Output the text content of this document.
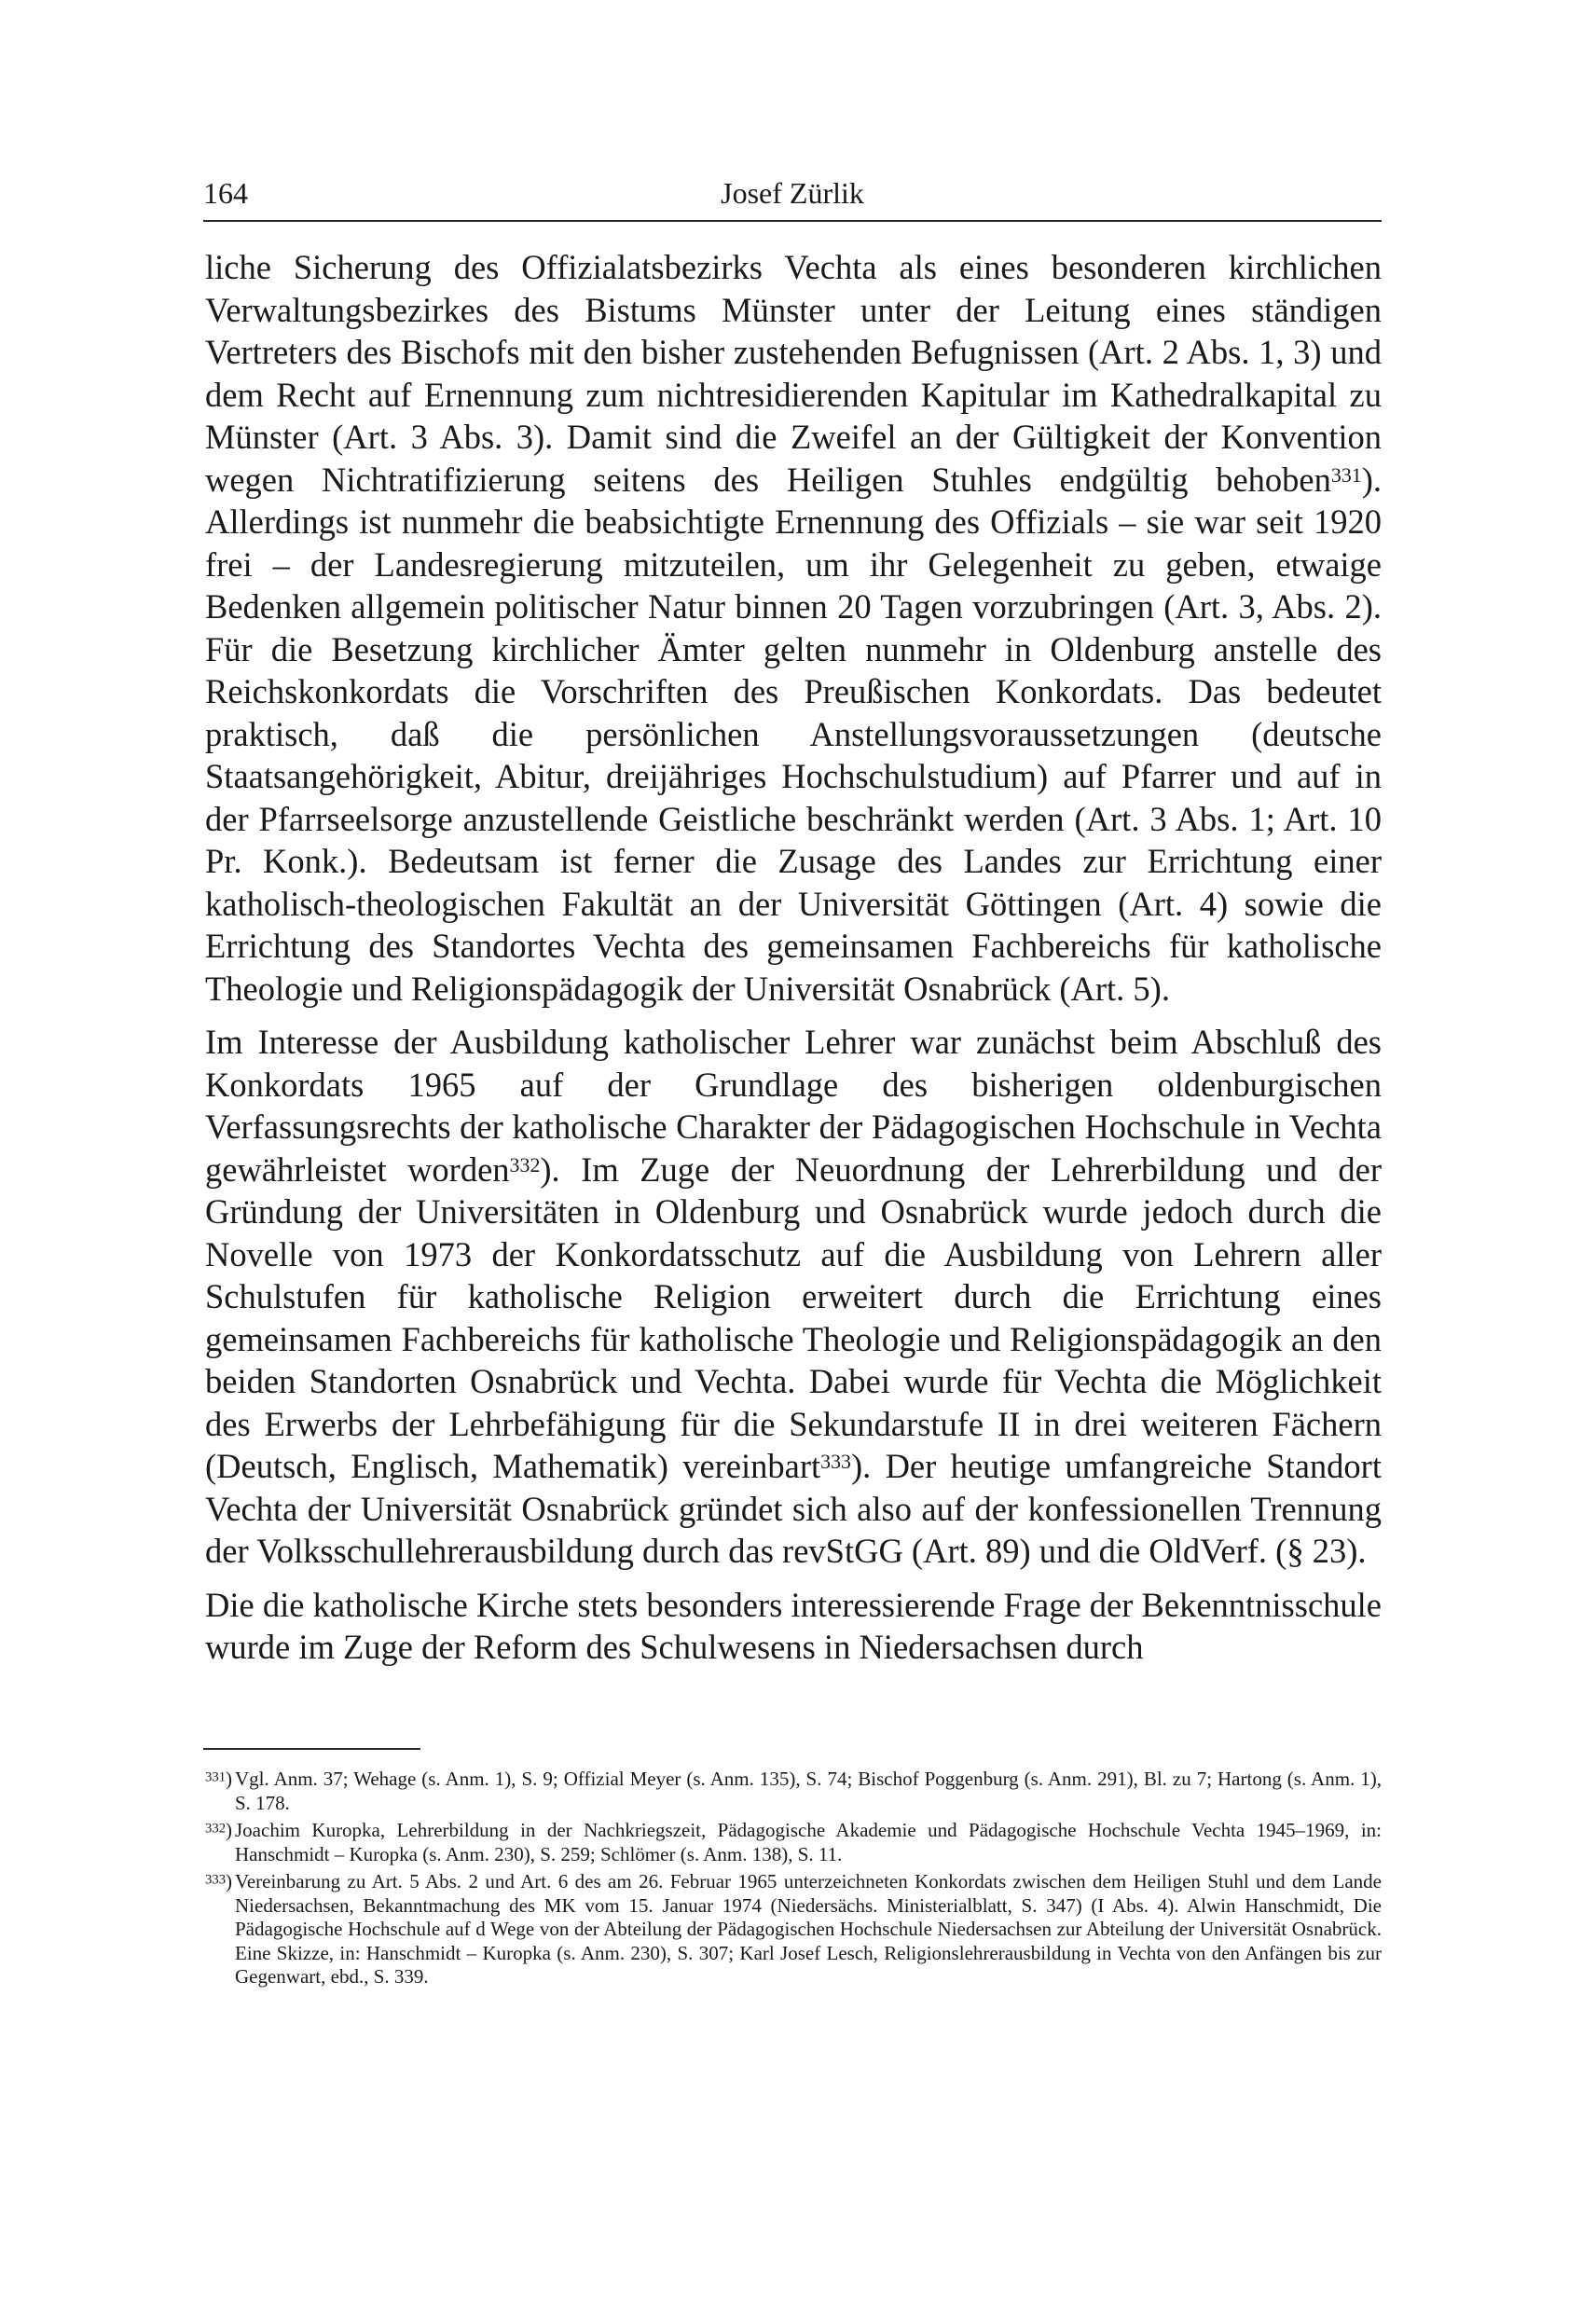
164	Josef Zürlik

liche Sicherung des Offizialatsbezirks Vechta als eines besonderen kirchlichen Verwaltungsbezirkes des Bistums Münster unter der Leitung eines ständigen Vertreters des Bischofs mit den bisher zustehenden Befugnissen (Art. 2 Abs. 1, 3) und dem Recht auf Ernennung zum nichtresidierenden Kapitular im Kathedralkapital zu Münster (Art. 3 Abs. 3). Damit sind die Zweifel an der Gültigkeit der Konvention wegen Nichtratifizierung seitens des Heiligen Stuhles endgültig behoben$^{331}$). Allerdings ist nunmehr die beabsichtigte Ernennung des Offizials – sie war seit 1920 frei – der Landesregierung mitzuteilen, um ihr Gelegenheit zu geben, etwaige Bedenken allgemein politischer Natur binnen 20 Tagen vorzubringen (Art. 3, Abs. 2). Für die Besetzung kirchlicher Ämter gelten nunmehr in Oldenburg anstelle des Reichskonkordats die Vorschriften des Preußischen Konkordats. Das bedeutet praktisch, daß die persönlichen Anstellungsvoraussetzungen (deutsche Staatsangehörigkeit, Abitur, dreijähriges Hochschulstudium) auf Pfarrer und auf in der Pfarrseelsorge anzustellende Geistliche beschränkt werden (Art. 3 Abs. 1; Art. 10 Pr. Konk.). Bedeutsam ist ferner die Zusage des Landes zur Errichtung einer katholisch-theologischen Fakultät an der Universität Göttingen (Art. 4) sowie die Errichtung des Standortes Vechta des gemeinsamen Fachbereichs für katholische Theologie und Religionspädagogik der Universität Osnabrück (Art. 5).

Im Interesse der Ausbildung katholischer Lehrer war zunächst beim Abschluß des Konkordats 1965 auf der Grundlage des bisherigen oldenburgischen Verfassungsrechts der katholische Charakter der Pädagogischen Hochschule in Vechta gewährleistet worden$^{332}$). Im Zuge der Neuordnung der Lehrerbildung und der Gründung der Universitäten in Oldenburg und Osnabrück wurde jedoch durch die Novelle von 1973 der Konkordatsschutz auf die Ausbildung von Lehrern aller Schulstufen für katholische Religion erweitert durch die Errichtung eines gemeinsamen Fachbereichs für katholische Theologie und Religionspädagogik an den beiden Standorten Osnabrück und Vechta. Dabei wurde für Vechta die Möglichkeit des Erwerbs der Lehrbefähigung für die Sekundarstufe II in drei weiteren Fächern (Deutsch, Englisch, Mathematik) vereinbart$^{333}$). Der heutige umfangreiche Standort Vechta der Universität Osnabrück gründet sich also auf der konfessionellen Trennung der Volksschullehrerausbildung durch das revStGG (Art. 89) und die OldVerf. (§ 23).

Die die katholische Kirche stets besonders interessierende Frage der Bekenntnisschule wurde im Zuge der Reform des Schulwesens in Niedersachsen durch

$^{331}$) Vgl. Anm. 37; Wehage (s. Anm. 1), S. 9; Offizial Meyer (s. Anm. 135), S. 74; Bischof Poggenburg (s. Anm. 291), Bl. zu 7; Hartong (s. Anm. 1), S. 178.
$^{332}$) Joachim Kuropka, Lehrerbildung in der Nachkriegszeit, Pädagogische Akademie und Pädagogische Hochschule Vechta 1945–1969, in: Hanschmidt – Kuropka (s. Anm. 230), S. 259; Schlömer (s. Anm. 138), S. 11.
$^{333}$) Vereinbarung zu Art. 5 Abs. 2 und Art. 6 des am 26. Februar 1965 unterzeichneten Konkordats zwischen dem Heiligen Stuhl und dem Lande Niedersachsen, Bekanntmachung des MK vom 15. Januar 1974 (Niedersächs. Ministerialblatt, S. 347) (I Abs. 4). Alwin Hanschmidt, Die Pädagogische Hochschule auf d Wege von der Abteilung der Pädagogischen Hochschule Niedersachsen zur Abteilung der Universität Osnabrück. Eine Skizze, in: Hanschmidt – Kuropka (s. Anm. 230), S. 307; Karl Josef Lesch, Religionslehrerausbildung in Vechta von den Anfängen bis zur Gegenwart, ebd., S. 339.
